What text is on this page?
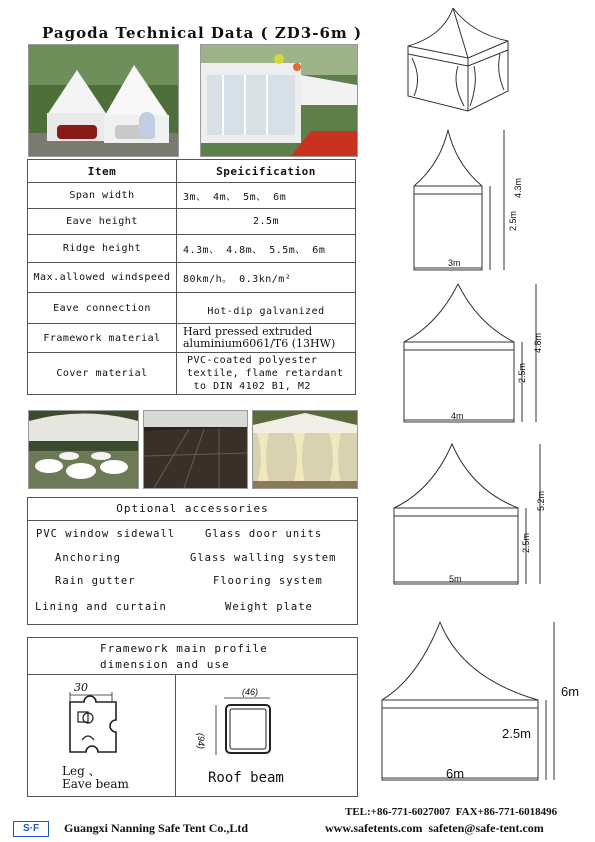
Pagoda Technical Data ( ZD3-6m )
Item	Speicification
Span width	3m、 4m、 5m、 6m
Eave height	2.5m
Ridge height	4.3m、 4.8m、 5.5m、 6m
Max.allowed windspeed	80km/h。 0.3kn/m²
Eave connection	Hot-dip galvanized
Framework material	Hard pressed extruded
aluminium6061/T6 (13HW)

Cover material	PVC-coated polyester
textile, flame retardant
to DIN 4102 B1, M2
Optional accessories
PVC window sidewall	Glass door units
Anchoring	Glass walling system
Rain gutter	Flooring system
Lining and curtain	Weight plate
Framework main profile
dimension and use
30
Leg 、
Eave beam
(46)
(94)
Roof beam
3m
2.5m
4.3m
4m
2.5m
4.8m
5m
2.5m
5.2m
6m
2.5m
6m
TEL:+86-771-6027007  FAX+86-771-6018496
S·F	Guangxi Nanning Safe Tent Co.,Ltd	www.safetents.com  safeten@safe-tent.com
